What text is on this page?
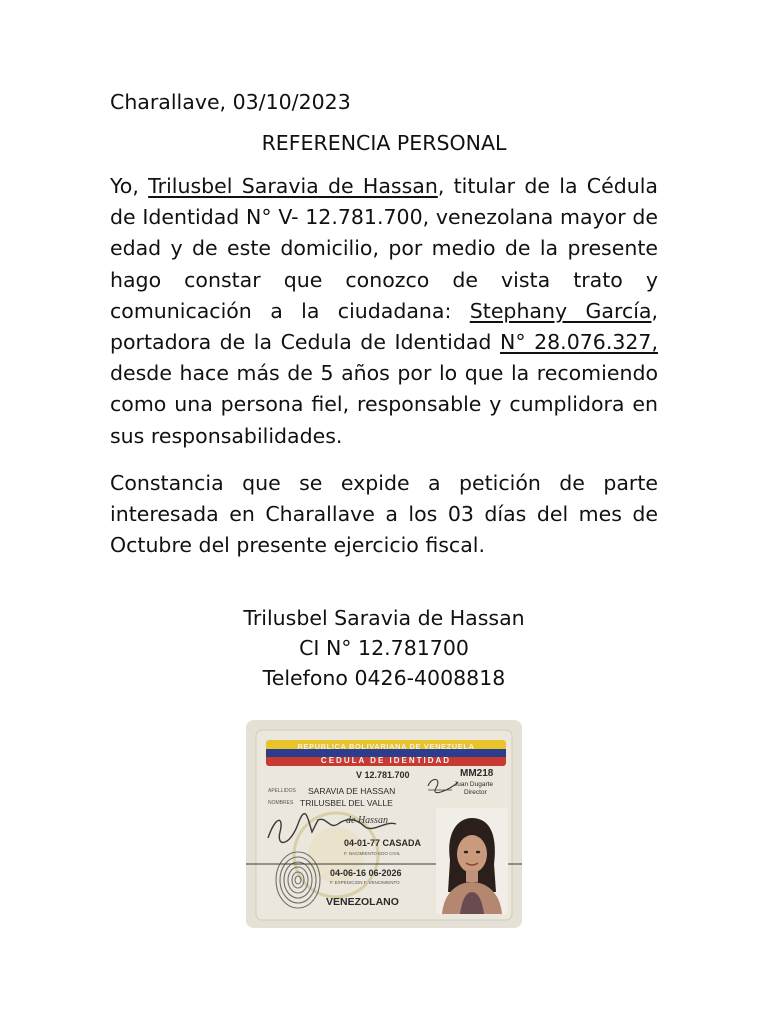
Charallave, 03/10/2023
REFERENCIA PERSONAL

Yo, Trilusbel Saravia de Hassan, titular de la Cédula de Identidad N° V- 12.781.700, venezolana mayor de edad y de este domicilio, por medio de la presente hago constar que conozco de vista trato y comunicación a la ciudadana: Stephany García, portadora de la Cedula de Identidad N° 28.076.327, desde hace más de 5 años por lo que la recomiendo como una persona fiel, responsable y cumplidora en sus responsabilidades.

Constancia que se expide a petición de parte interesada en Charallave a los 03 días del mes de Octubre del presente ejercicio fiscal.

Trilusbel Saravia de Hassan
CI N° 12.781700
Telefono 0426-4008818
de Hassan
REPUBLICA BOLIVARIANA DE VENEZUELA
CEDULA DE IDENTIDAD
V 12.781.700	MM218
Juan Dugarte
Director
APELLIDOS SARAVIA DE HASSAN
NOMBRES TRILUSBEL DEL VALLE
04-01-77 CASADA
F. NACIMIENTO EDO CIVIL
04-06-16 06-2026
F. EXPEDICION F. VENCIMIENTO
VENEZOLANO
